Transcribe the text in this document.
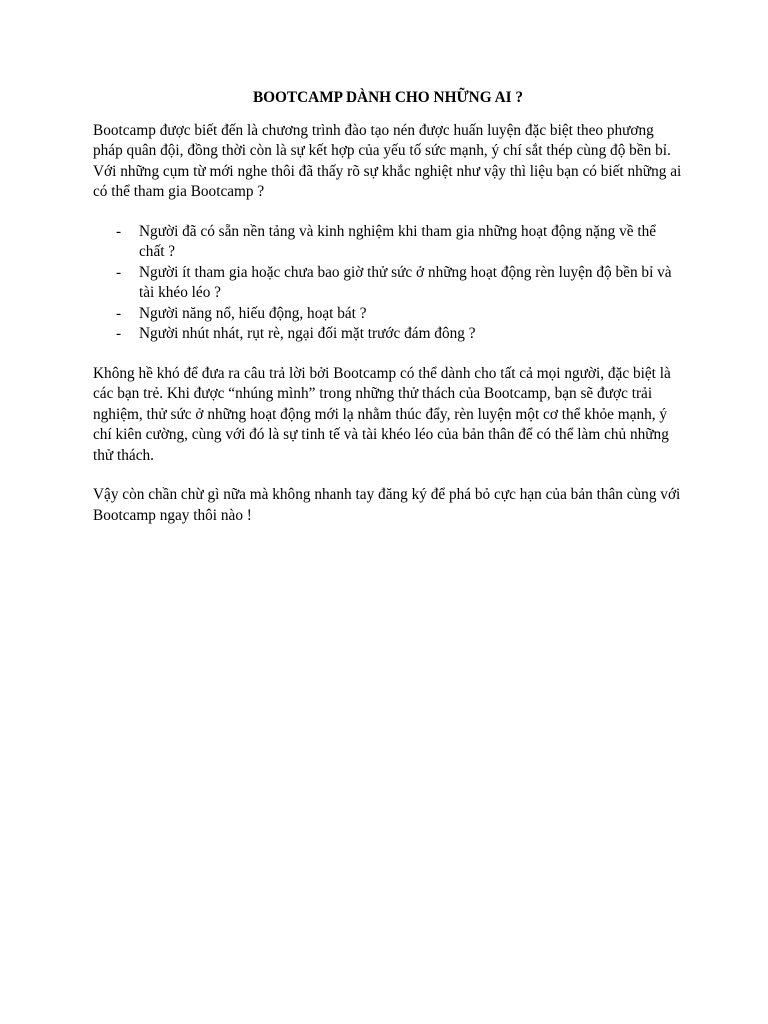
BOOTCAMP DÀNH CHO NHỮNG AI ?

Bootcamp được biết đến là chương trình đào tạo nén được huấn luyện đặc biệt theo phương pháp quân đội, đồng thời còn là sự kết hợp của yếu tố sức mạnh, ý chí sắt thép cùng độ bền bỉ. Với những cụm từ mới nghe thôi đã thấy rõ sự khắc nghiệt như vậy thì liệu bạn có biết những ai có thể tham gia Bootcamp ?

- Người đã có sẵn nền tảng và kinh nghiệm khi tham gia những hoạt động nặng về thể chất ?
- Người ít tham gia hoặc chưa bao giờ thử sức ở những hoạt động rèn luyện độ bền bỉ và tài khéo léo ?
- Người năng nổ, hiếu động, hoạt bát ?
- Người nhút nhát, rụt rè, ngại đối mặt trước đám đông ?

Không hề khó để đưa ra câu trả lời bởi Bootcamp có thể dành cho tất cả mọi người, đặc biệt là các bạn trẻ. Khi được “nhúng mình” trong những thử thách của Bootcamp, bạn sẽ được trải nghiệm, thử sức ở những hoạt động mới lạ nhằm thúc đẩy, rèn luyện một cơ thể khỏe mạnh, ý chí kiên cường, cùng với đó là sự tinh tế và tài khéo léo của bản thân để có thể làm chủ những thử thách.

Vậy còn chần chừ gì nữa mà không nhanh tay đăng ký để phá bỏ cực hạn của bản thân cùng với Bootcamp ngay thôi nào !
